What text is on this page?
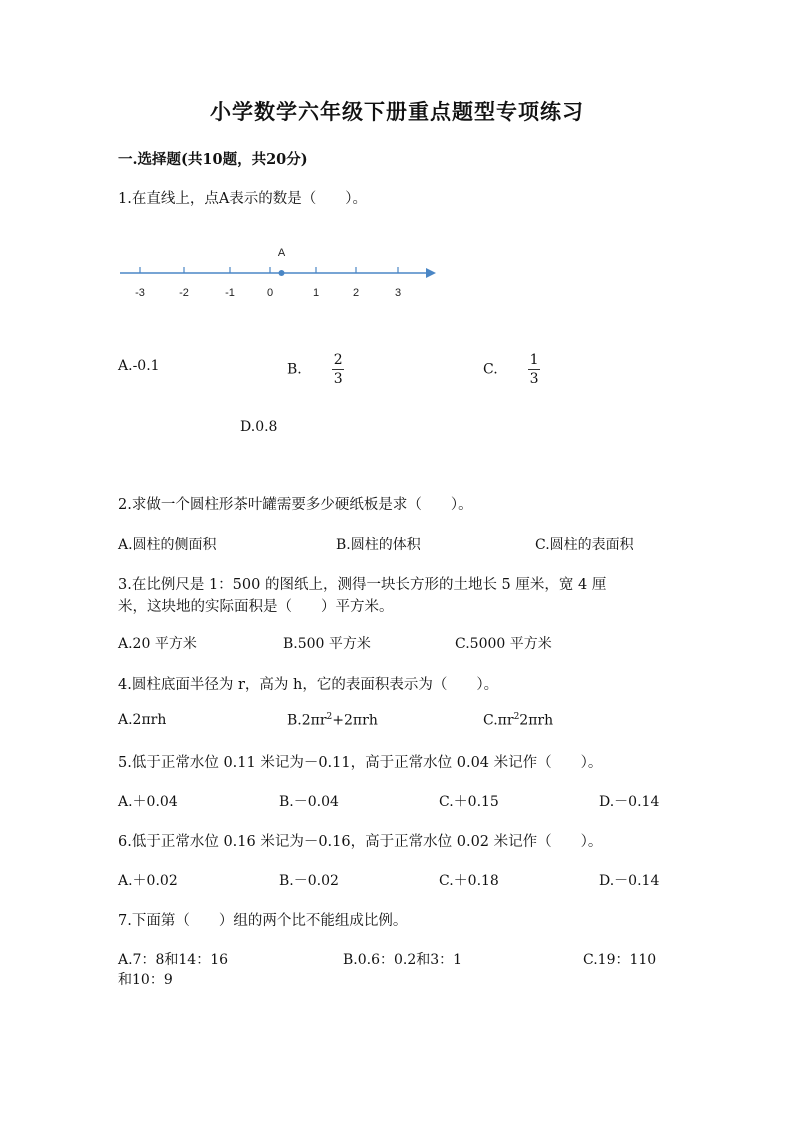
小学数学六年级下册重点题型专项练习
一.选择题(共10题，共20分)
1.在直线上，点A表示的数是（　　）。
-3	-2	-1	0	1	2	3
A
A.-0.1	B. $\frac{2}{3}$	C. $\frac{1}{3}$
D.0.8
2.求做一个圆柱形茶叶罐需要多少硬纸板是求（　　）。
A.圆柱的侧面积	B.圆柱的体积	C.圆柱的表面积
3.在比例尺是 1：500 的图纸上，测得一块长方形的土地长 5 厘米，宽 4 厘
米，这块地的实际面积是（　　）平方米。
A.20 平方米	B.500 平方米	C.5000 平方米
4.圆柱底面半径为 r，高为 h，它的表面积表示为（　　）。
A.2πrh	$B.2\pi r^2+2\pi rh$	$C.\pi r^22\pi rh$
5.低于正常水位 0.11 米记为－0.11，高于正常水位 0.04 米记作（　　）。
A.＋0.04	B.－0.04	C.＋0.15	D.－0.14
6.低于正常水位 0.16 米记为－0.16，高于正常水位 0.02 米记作（　　）。
A.＋0.02	B.－0.02	C.＋0.18	D.－0.14
7.下面第（　　）组的两个比不能组成比例。
A.7：8和14：16	B.0.6：0.2和3：1	C.19：110
和10：9
